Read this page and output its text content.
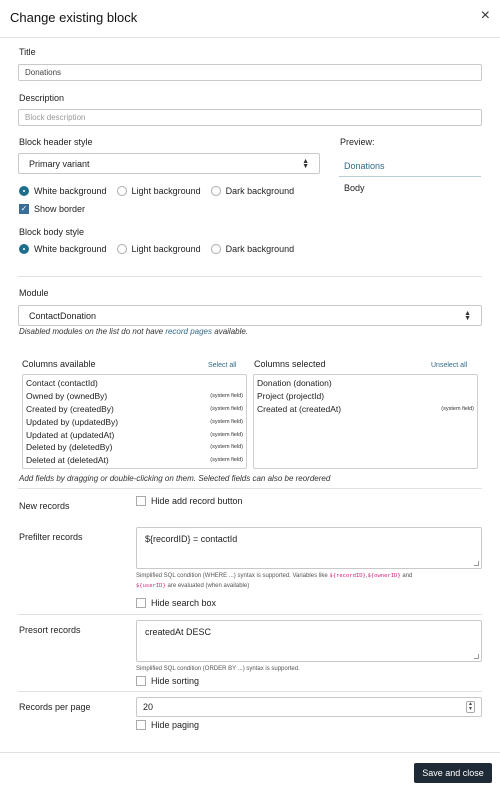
Change existing block	×
Title
Donations
Description
Block description
Block header style
Primary variant	▲
▼
White background	Light background	Dark background
✓ Show border
Preview:
Donations
Body
Block body style
White background	Light background	Dark background
Module
ContactDonation	▲
▼
Disabled modules on the list do not have record pages available.
Columns available	Select all Columns selected	Unselect all
Contact (contactId)
Owned by (ownedBy)	(system field)
Created by (createdBy)	(system field)
Updated by (updatedBy)	(system field)
Updated at (updatedAt)	(system field)
Deleted by (deletedBy)	(system field)
Deleted at (deletedAt)	(system field)
Donation (donation)
Project (projectId)
Created at (createdAt)	(system field)
Add fields by dragging or double-clicking on them. Selected fields can also be reordered
New records	Hide add record button
Prefilter records	${recordID} = contactId
Simplified SQL condition (WHERE ...) syntax is supported. Variables like ${recordID},${ownerID} and
${userID} are evaluated (when available)
Hide search box
Presort records	createdAt DESC
Simplified SQL condition (ORDER BY ...) syntax is supported.
Hide sorting
Records per page	20	▲
▼
Hide paging
Save and close
